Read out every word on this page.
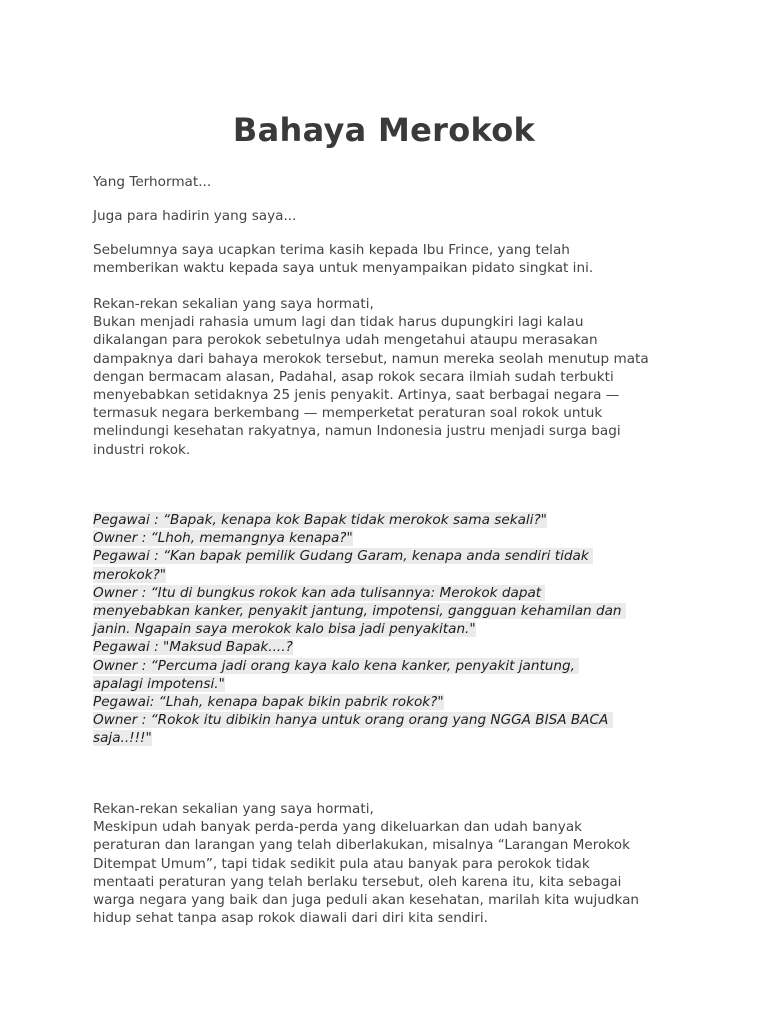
Bahaya Merokok
Yang Terhormat...
Juga para hadirin yang saya...
Sebelumnya saya ucapkan terima kasih kepada Ibu Frince, yang telah
memberikan waktu kepada saya untuk menyampaikan pidato singkat ini.
Rekan-rekan sekalian yang saya hormati,
Bukan menjadi rahasia umum lagi dan tidak harus dupungkiri lagi kalau
dikalangan para perokok sebetulnya udah mengetahui ataupu merasakan
dampaknya dari bahaya merokok tersebut, namun mereka seolah menutup mata
dengan bermacam alasan, Padahal, asap rokok secara ilmiah sudah terbukti
menyebabkan setidaknya 25 jenis penyakit. Artinya, saat berbagai negara —
termasuk negara berkembang — memperketat peraturan soal rokok untuk
melindungi kesehatan rakyatnya, namun Indonesia justru menjadi surga bagi
industri rokok.
Pegawai : “Bapak, kenapa kok Bapak tidak merokok sama sekali?"
Owner : “Lhoh, memangnya kenapa?"
Pegawai : “Kan bapak pemilik Gudang Garam, kenapa anda sendiri tidak
merokok?"
Owner : “Itu di bungkus rokok kan ada tulisannya: Merokok dapat
menyebabkan kanker, penyakit jantung, impotensi, gangguan kehamilan dan
janin. Ngapain saya merokok kalo bisa jadi penyakitan."
Pegawai : "Maksud Bapak....?
Owner : “Percuma jadi orang kaya kalo kena kanker, penyakit jantung,
apalagi impotensi."
Pegawai: “Lhah, kenapa bapak bikin pabrik rokok?"
Owner : “Rokok itu dibikin hanya untuk orang orang yang NGGA BISA BACA
saja..!!!"
Rekan-rekan sekalian yang saya hormati,
Meskipun udah banyak perda-perda yang dikeluarkan dan udah banyak
peraturan dan larangan yang telah diberlakukan, misalnya “Larangan Merokok
Ditempat Umum”, tapi tidak sedikit pula atau banyak para perokok tidak
mentaati peraturan yang telah berlaku tersebut, oleh karena itu, kita sebagai
warga negara yang baik dan juga peduli akan kesehatan, marilah kita wujudkan
hidup sehat tanpa asap rokok diawali dari diri kita sendiri.
